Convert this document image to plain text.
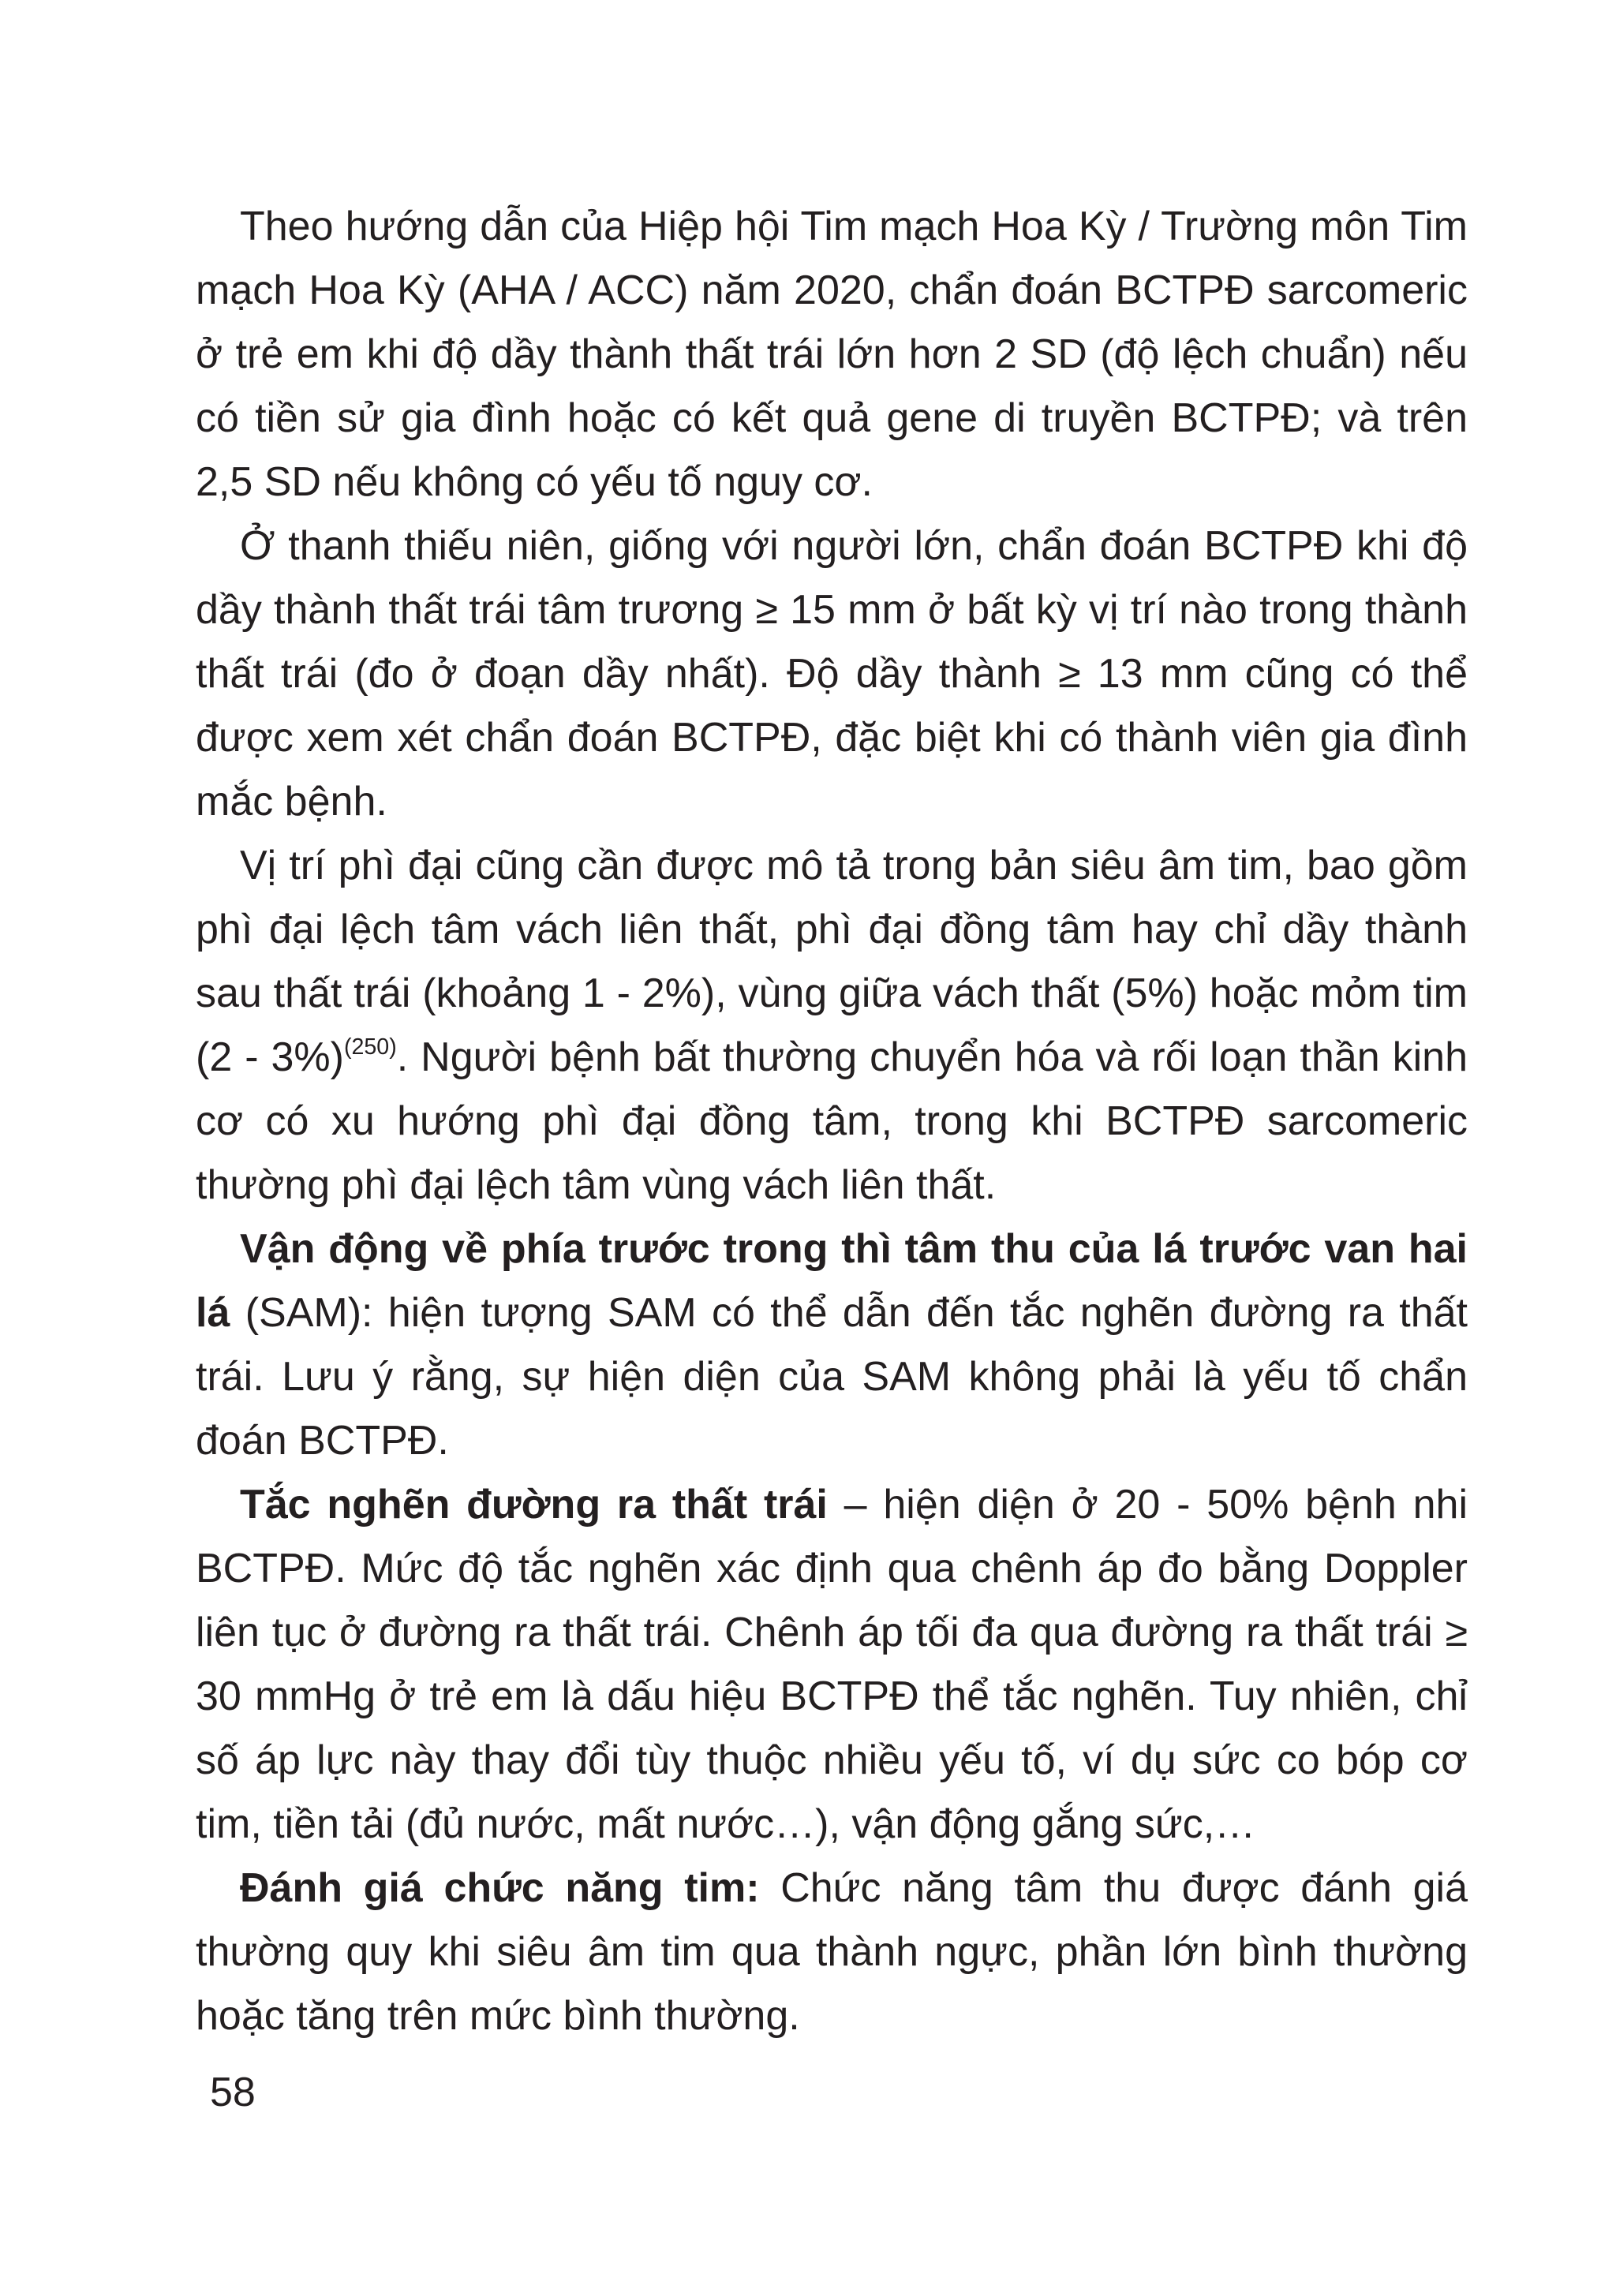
Theo hướng dẫn của Hiệp hội Tim mạch Hoa Kỳ / Trường môn Tim mạch Hoa Kỳ (AHA / ACC) năm 2020, chẩn đoán BCTPĐ sarcomeric ở trẻ em khi độ dầy thành thất trái lớn hơn 2 SD (độ lệch chuẩn) nếu có tiền sử gia đình hoặc có kết quả gene di truyền BCTPĐ; và trên 2,5 SD nếu không có yếu tố nguy cơ.

Ở thanh thiếu niên, giống với người lớn, chẩn đoán BCTPĐ khi độ dầy thành thất trái tâm trương ≥ 15 mm ở bất kỳ vị trí nào trong thành thất trái (đo ở đoạn dầy nhất). Độ dầy thành ≥ 13 mm cũng có thể được xem xét chẩn đoán BCTPĐ, đặc biệt khi có thành viên gia đình mắc bệnh.

Vị trí phì đại cũng cần được mô tả trong bản siêu âm tim, bao gồm phì đại lệch tâm vách liên thất, phì đại đồng tâm hay chỉ dầy thành sau thất trái (khoảng 1 - 2%), vùng giữa vách thất (5%) hoặc mỏm tim (2 - 3%)$^{(250)}$. Người bệnh bất thường chuyển hóa và rối loạn thần kinh cơ có xu hướng phì đại đồng tâm, trong khi BCTPĐ sarcomeric thường phì đại lệch tâm vùng vách liên thất.

Vận động về phía trước trong thì tâm thu của lá trước van hai lá (SAM): hiện tượng SAM có thể dẫn đến tắc nghẽn đường ra thất trái. Lưu ý rằng, sự hiện diện của SAM không phải là yếu tố chẩn đoán BCTPĐ.

Tắc nghẽn đường ra thất trái – hiện diện ở 20 - 50% bệnh nhi BCTPĐ. Mức độ tắc nghẽn xác định qua chênh áp đo bằng Doppler liên tục ở đường ra thất trái. Chênh áp tối đa qua đường ra thất trái ≥ 30 mmHg ở trẻ em là dấu hiệu BCTPĐ thể tắc nghẽn. Tuy nhiên, chỉ số áp lực này thay đổi tùy thuộc nhiều yếu tố, ví dụ sức co bóp cơ tim, tiền tải (đủ nước, mất nước…), vận động gắng sức,…

Đánh giá chức năng tim: Chức năng tâm thu được đánh giá thường quy khi siêu âm tim qua thành ngực, phần lớn bình thường hoặc tăng trên mức bình thường.

58
